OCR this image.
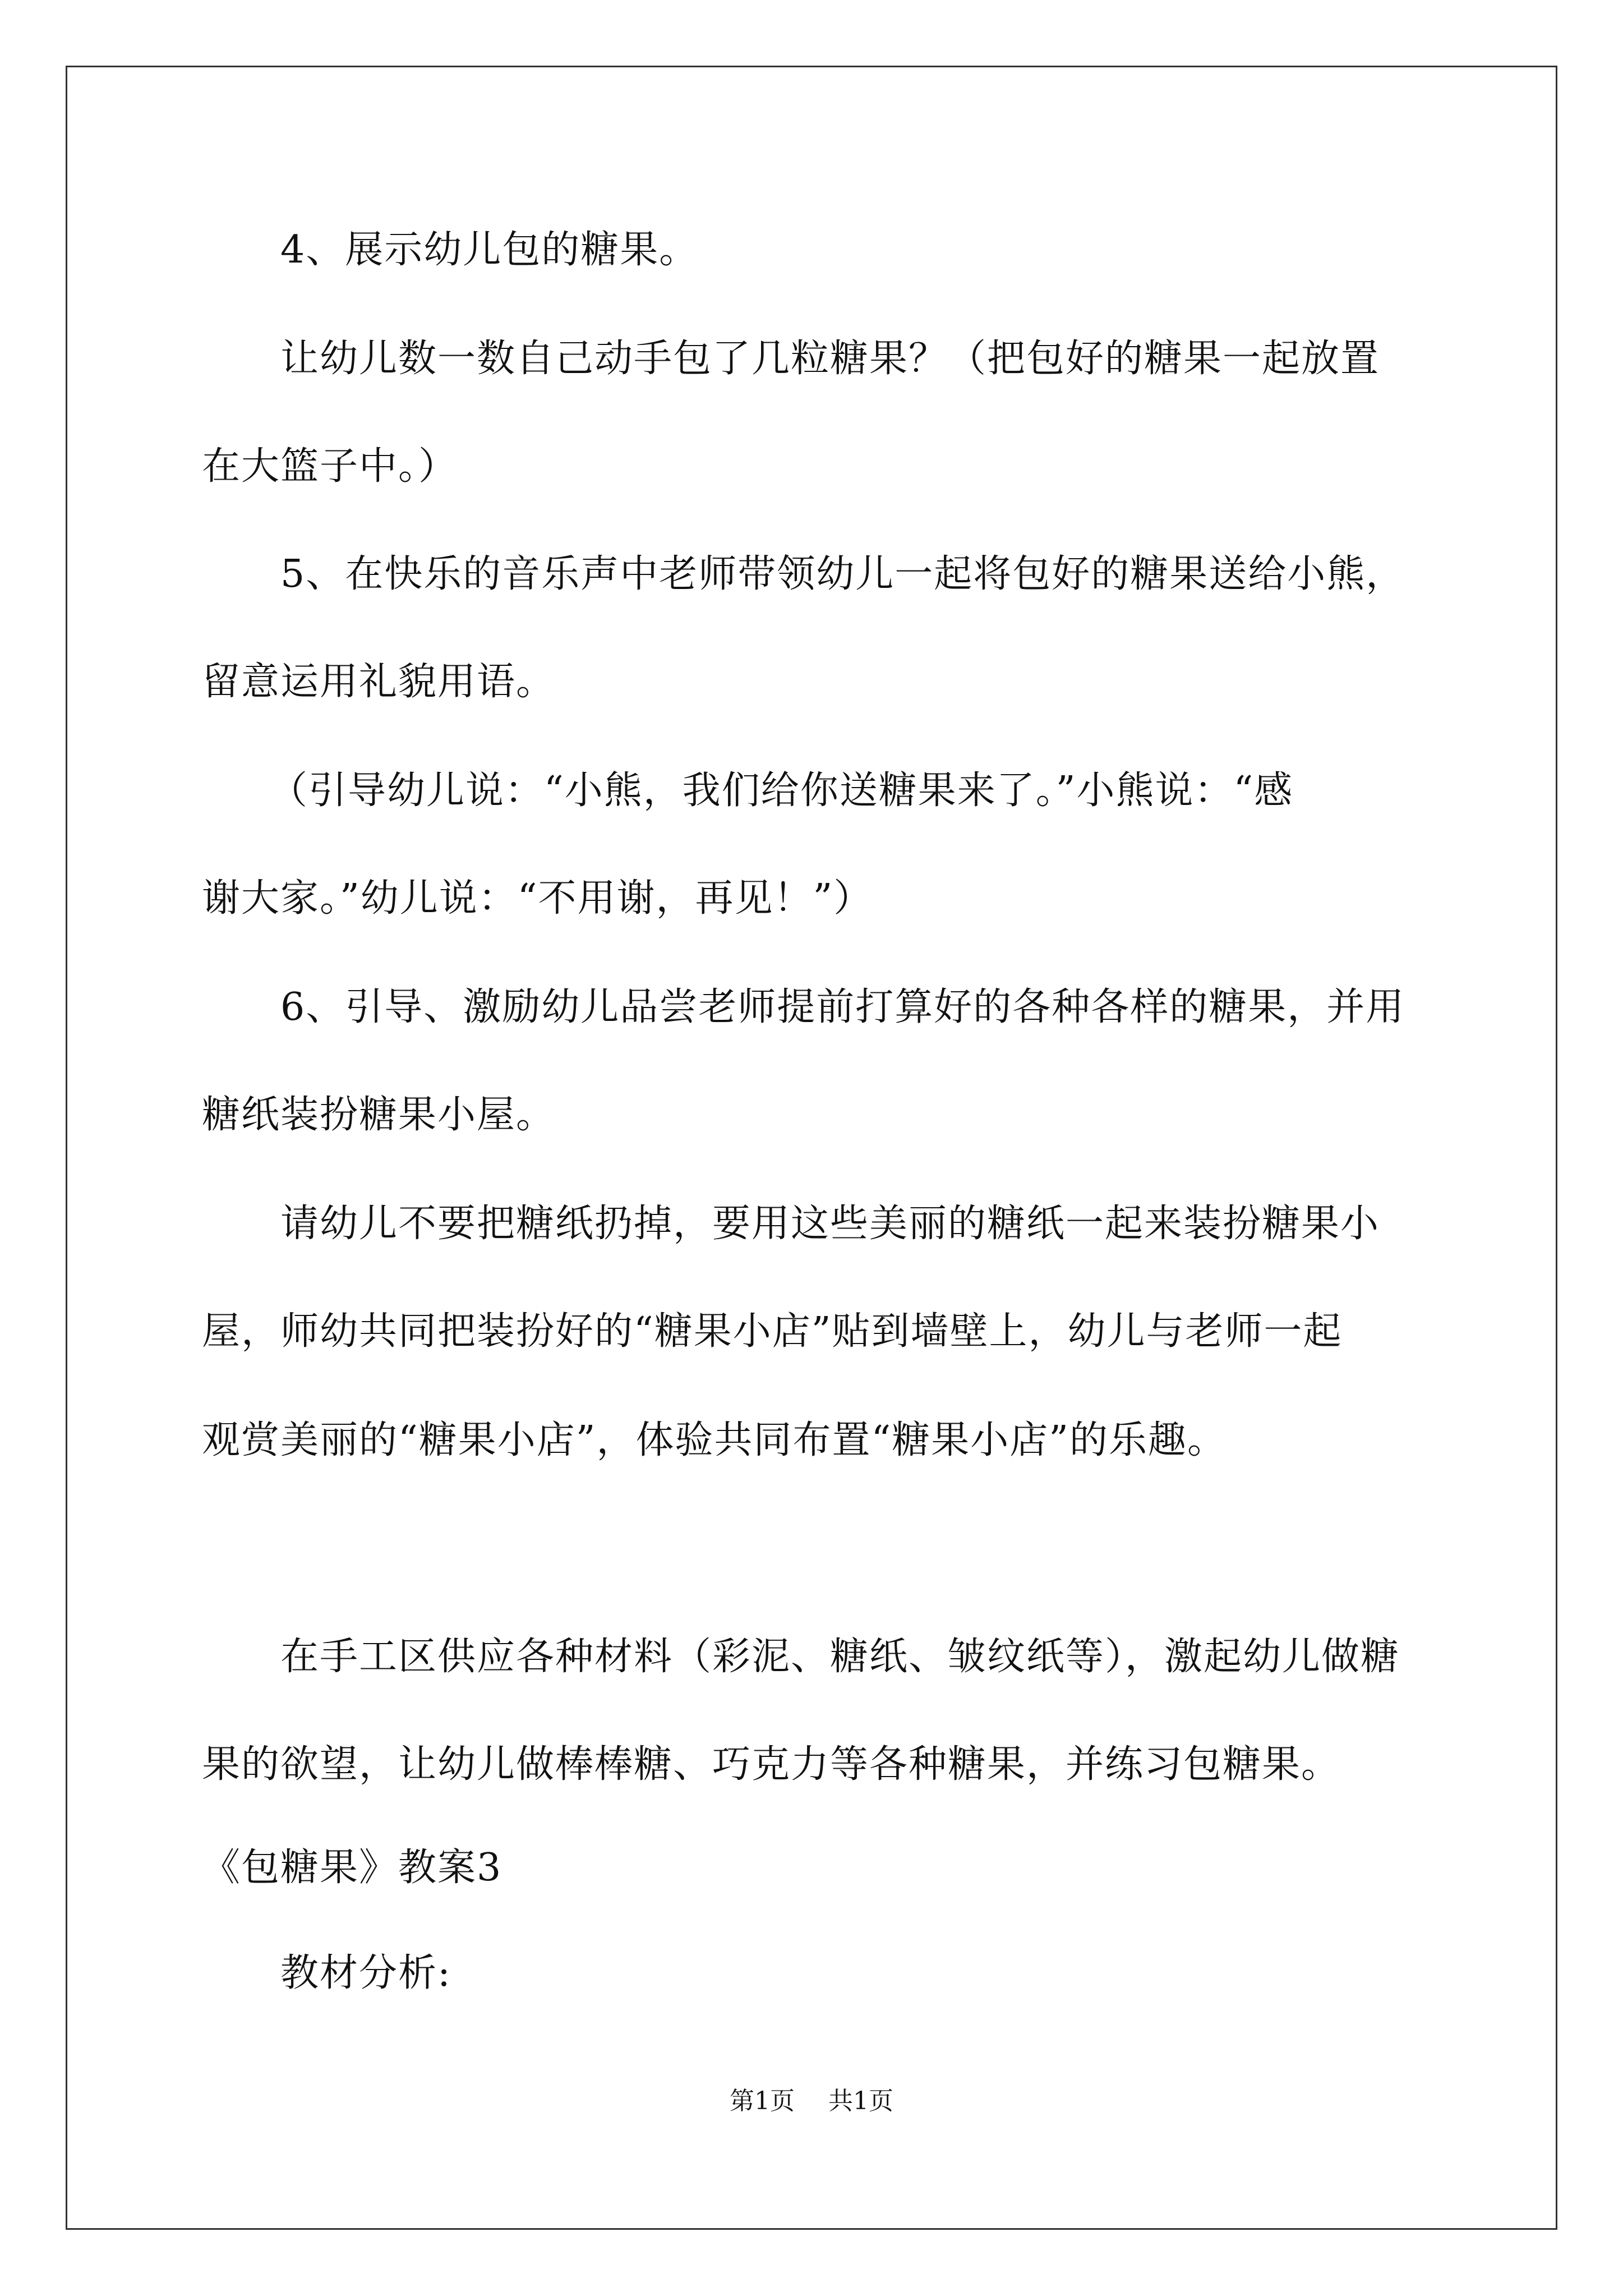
4、展示幼儿包的糖果。

让幼儿数一数自己动手包了几粒糖果？（把包好的糖果一起放置

在大篮子中。）

5、在快乐的音乐声中老师带领幼儿一起将包好的糖果送给小熊，

留意运用礼貌用语。

（引导幼儿说：“小熊，我们给你送糖果来了。”小熊说：“感

谢大家。”幼儿说：“不用谢，再见！”）

6、引导、激励幼儿品尝老师提前打算好的各种各样的糖果，并用

糖纸装扮糖果小屋。

请幼儿不要把糖纸扔掉，要用这些美丽的糖纸一起来装扮糖果小

屋，师幼共同把装扮好的“糖果小店”贴到墙壁上，幼儿与老师一起

观赏美丽的“糖果小店”，体验共同布置“糖果小店”的乐趣。

在手工区供应各种材料（彩泥、糖纸、皱纹纸等），激起幼儿做糖

果的欲望，让幼儿做棒棒糖、巧克力等各种糖果，并练习包糖果。

《包糖果》教案3

教材分析:

第1页 共1页
